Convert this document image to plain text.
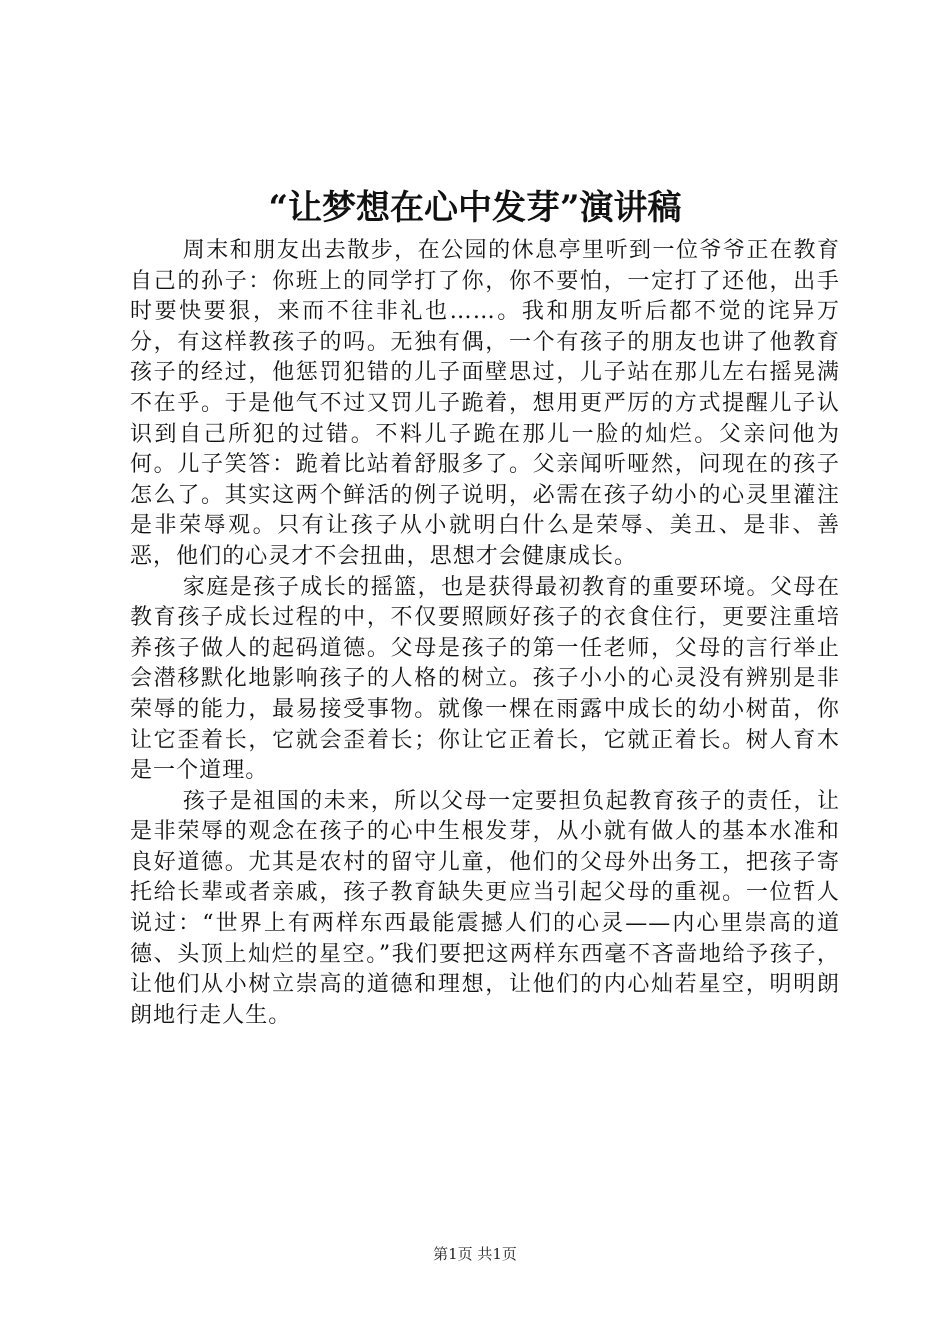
“让梦想在心中发芽”演讲稿

周末和朋友出去散步，在公园的休息亭里听到一位爷爷正在教育自己的孙子：你班上的同学打了你，你不要怕，一定打了还他，出手时要快要狠，来而不往非礼也……。我和朋友听后都不觉的诧异万分，有这样教孩子的吗。无独有偶，一个有孩子的朋友也讲了他教育孩子的经过，他惩罚犯错的儿子面壁思过，儿子站在那儿左右摇晃满不在乎。于是他气不过又罚儿子跪着，想用更严厉的方式提醒儿子认识到自己所犯的过错。不料儿子跪在那儿一脸的灿烂。父亲问他为何。儿子笑答：跪着比站着舒服多了。父亲闻听哑然，问现在的孩子怎么了。其实这两个鲜活的例子说明，必需在孩子幼小的心灵里灌注是非荣辱观。只有让孩子从小就明白什么是荣辱、美丑、是非、善恶，他们的心灵才不会扭曲，思想才会健康成长。

家庭是孩子成长的摇篮，也是获得最初教育的重要环境。父母在教育孩子成长过程的中，不仅要照顾好孩子的衣食住行，更要注重培养孩子做人的起码道德。父母是孩子的第一任老师，父母的言行举止会潜移默化地影响孩子的人格的树立。孩子小小的心灵没有辨别是非荣辱的能力，最易接受事物。就像一棵在雨露中成长的幼小树苗，你让它歪着长，它就会歪着长；你让它正着长，它就正着长。树人育木是一个道理。

孩子是祖国的未来，所以父母一定要担负起教育孩子的责任，让是非荣辱的观念在孩子的心中生根发芽，从小就有做人的基本水准和良好道德。尤其是农村的留守儿童，他们的父母外出务工，把孩子寄托给长辈或者亲戚，孩子教育缺失更应当引起父母的重视。一位哲人说过：“世界上有两样东西最能震撼人们的心灵——内心里崇高的道德、头顶上灿烂的星空。”我们要把这两样东西毫不吝啬地给予孩子，让他们从小树立崇高的道德和理想，让他们的内心灿若星空，明明朗朗地行走人生。

第1页 共1页
